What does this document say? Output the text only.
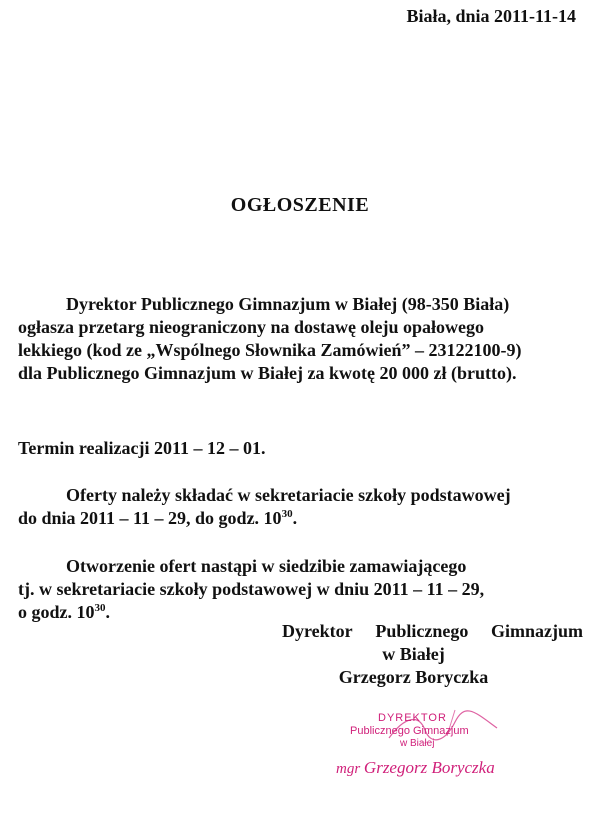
Biała, dnia 2011-11-14
OGŁOSZENIE
Dyrektor Publicznego Gimnazjum w Białej (98-350 Biała)
ogłasza przetarg nieograniczony na dostawę oleju opałowego
lekkiego (kod ze „Wspólnego Słownika Zamówień” – 23122100-9)
dla Publicznego Gimnazjum w Białej za kwotę 20 000 zł (brutto).
Termin realizacji 2011 – 12 – 01.
Oferty należy składać w sekretariacie szkoły podstawowej
do dnia 2011 – 11 – 29, do godz. $10^{30}$.
Otworzenie ofert nastąpi w siedzibie zamawiającego
tj. w sekretariacie szkoły podstawowej w dniu 2011 – 11 – 29,
o godz. $10^{30}$.
Dyrektor Publicznego Gimnazjum
w Białej
Grzegorz Boryczka
DYREKTOR
Publicznego Gimnazjum
w Białej
mgr Grzegorz Boryczka
